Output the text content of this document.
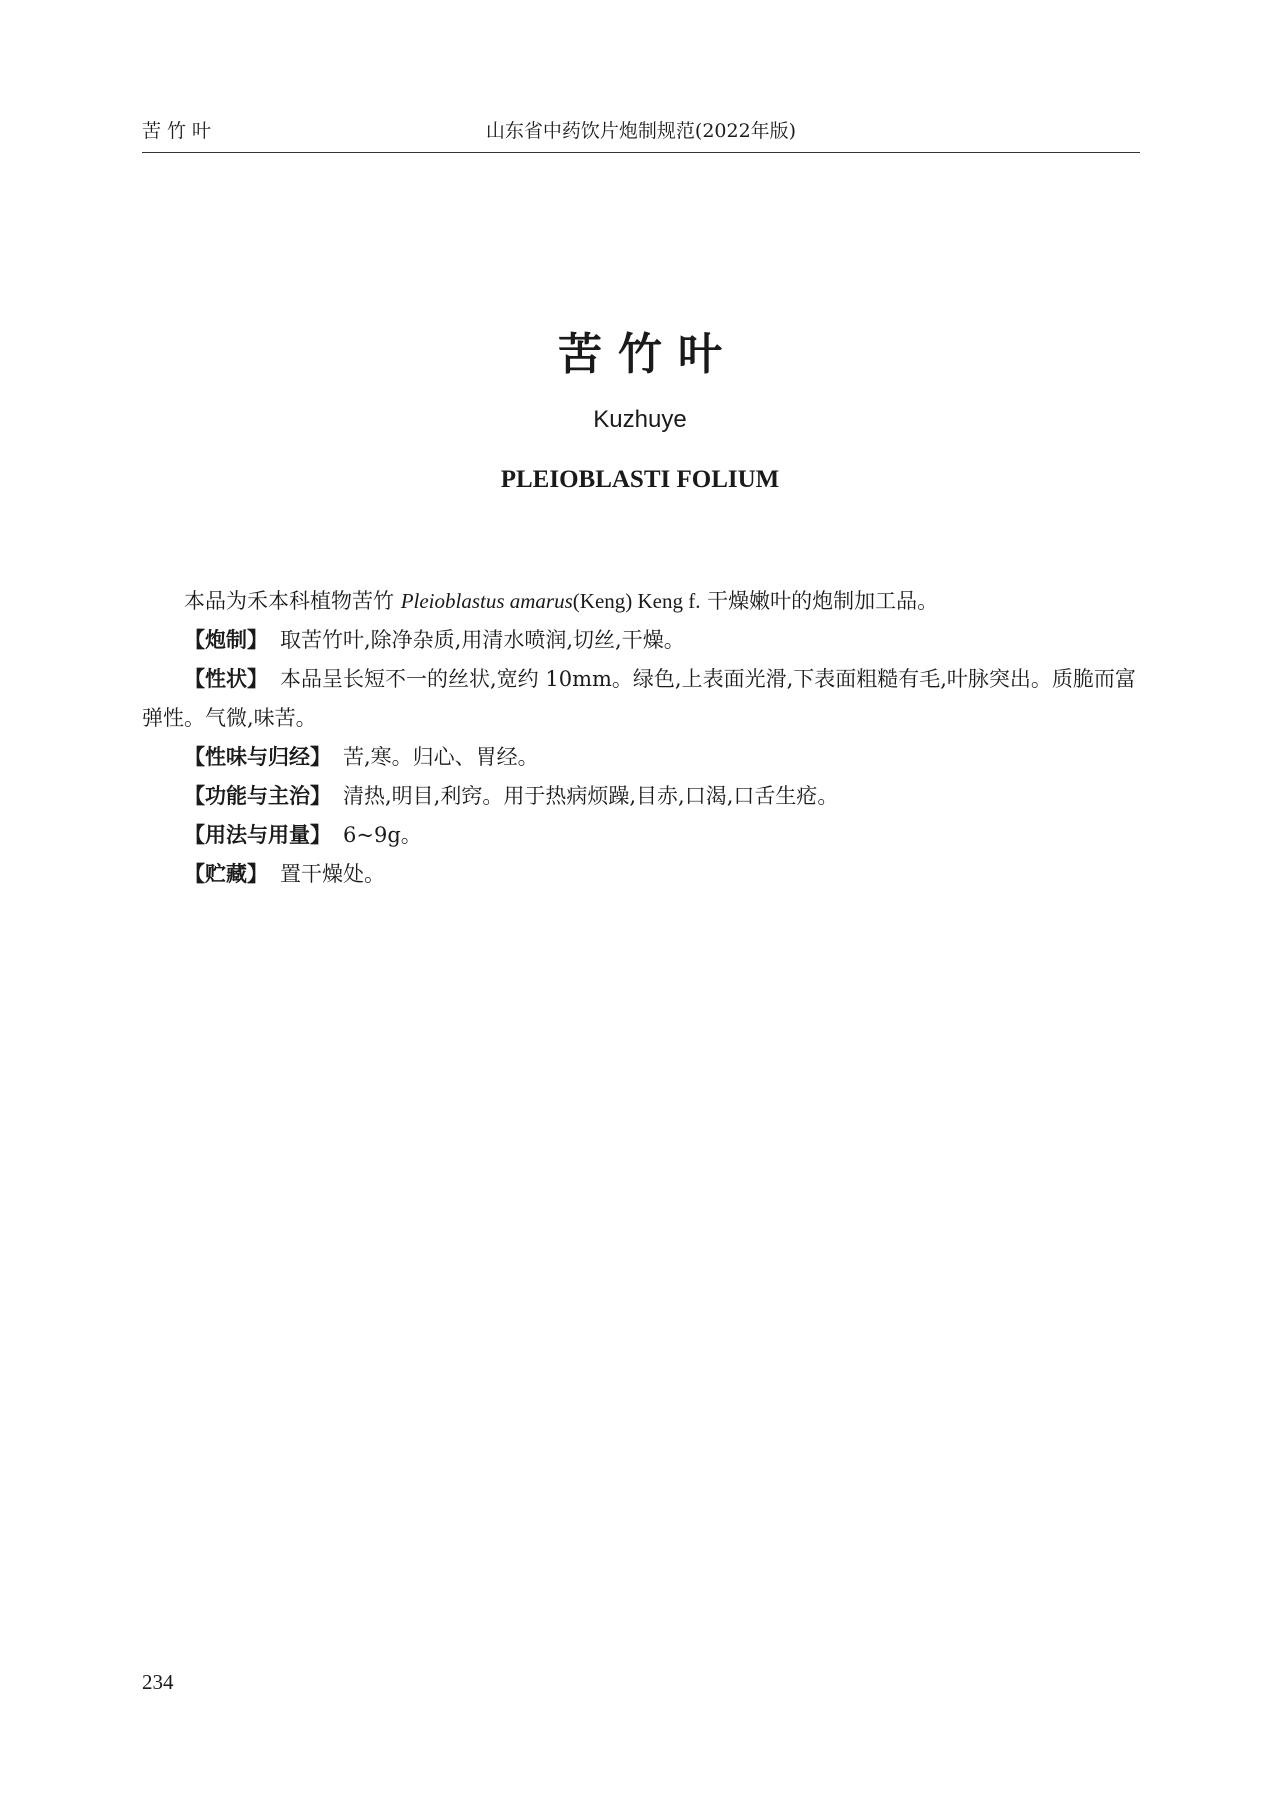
苦竹叶	山东省中药饮片炮制规范(2022年版)
苦竹叶
Kuzhuye
PLEIOBLASTI FOLIUM

本品为禾本科植物苦竹 Pleioblastus amarus(Keng) Keng f. 干燥嫩叶的炮制加工品。

【炮制】 取苦竹叶,除净杂质,用清水喷润,切丝,干燥。

【性状】 本品呈长短不一的丝状,宽约 10mm。绿色,上表面光滑,下表面粗糙有毛,叶脉突出。质脆而富弹性。气微,味苦。

【性味与归经】 苦,寒。归心、胃经。

【功能与主治】 清热,明目,利窍。用于热病烦躁,目赤,口渴,口舌生疮。

【用法与用量】 6~9g。

【贮藏】 置干燥处。

234
